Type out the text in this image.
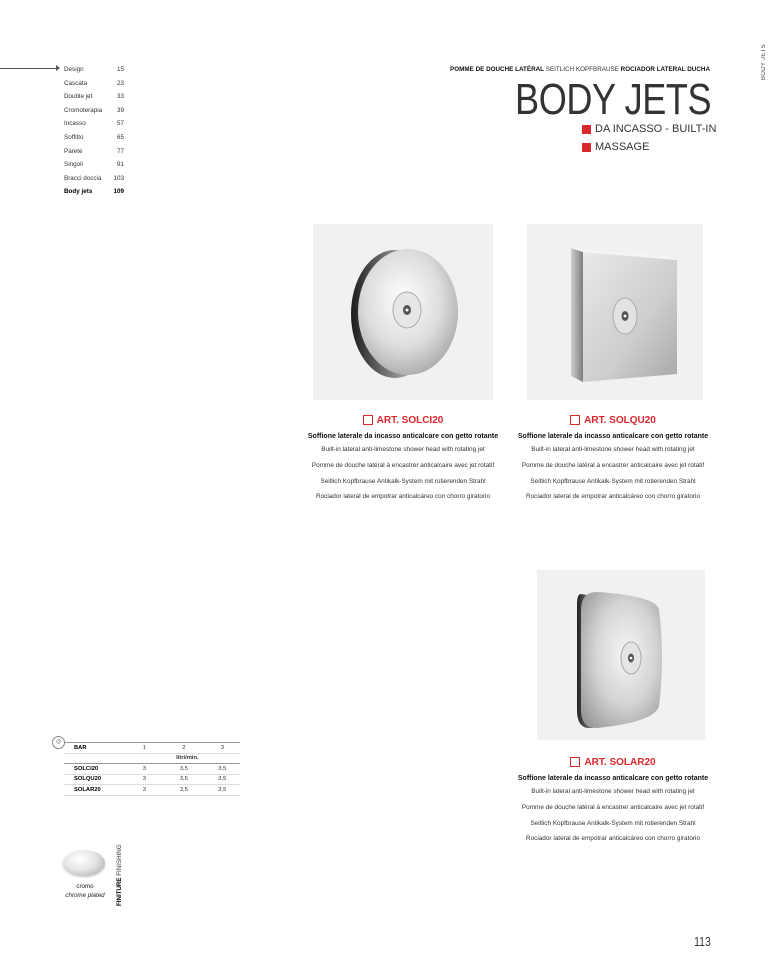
BODY JETS
Design	15
Cascata	23
Double jet	33
Cromoterapia 39
Incasso	57
Soffitto	65
Parete	77
Singoli	91
Bracci doccia 103
Body jets	109
POMME DE DOUCHE LATÉRAL SEITLICH KOPFBRAUSE ROCIADOR LATERAL DUCHA
BODY JETS
DA INCASSO - BUILT-IN
MASSAGE
ART. SOLCI20
Soffione laterale da incasso anticalcare con getto rotante
Built-in lateral anti-limestone shower head with rotating jet
Pomme de douche latéral à encastrer anticalcaire avec jet rotatif
Seitlich Kopfbrause Antikalk-System mit rotierenden Strahl
Rociador lateral de empotrar anticalcáreo con chorro giratorio
ART. SOLQU20
Soffione laterale da incasso anticalcare con getto rotante
Built-in lateral anti-limestone shower head with rotating jet
Pomme de douche latéral à encastrer anticalcaire avec jet rotatif
Seitlich Kopfbrause Antikalk-System mit rotierenden Strahl
Rociador lateral de empotrar anticalcáreo con chorro giratorio
ART. SOLAR20
Soffione laterale da incasso anticalcare con getto rotante
Built-in lateral anti-limestone shower head with rotating jet
Pomme de douche latéral à encastrer anticalcaire avec jet rotatif
Seitlich Kopfbrause Antikalk-System mit rotierenden Strahl
Rociador lateral de empotrar anticalcáreo con chorro giratorio
◎
BAR	1	2	3
	litri/min.		
SOLCI20	3	3,5	3,5
SOLQU20	3	3,5	3,5
SOLAR20	3	3,5	3,5
cromo
chrome plated	FINITURE FINISHING
113
